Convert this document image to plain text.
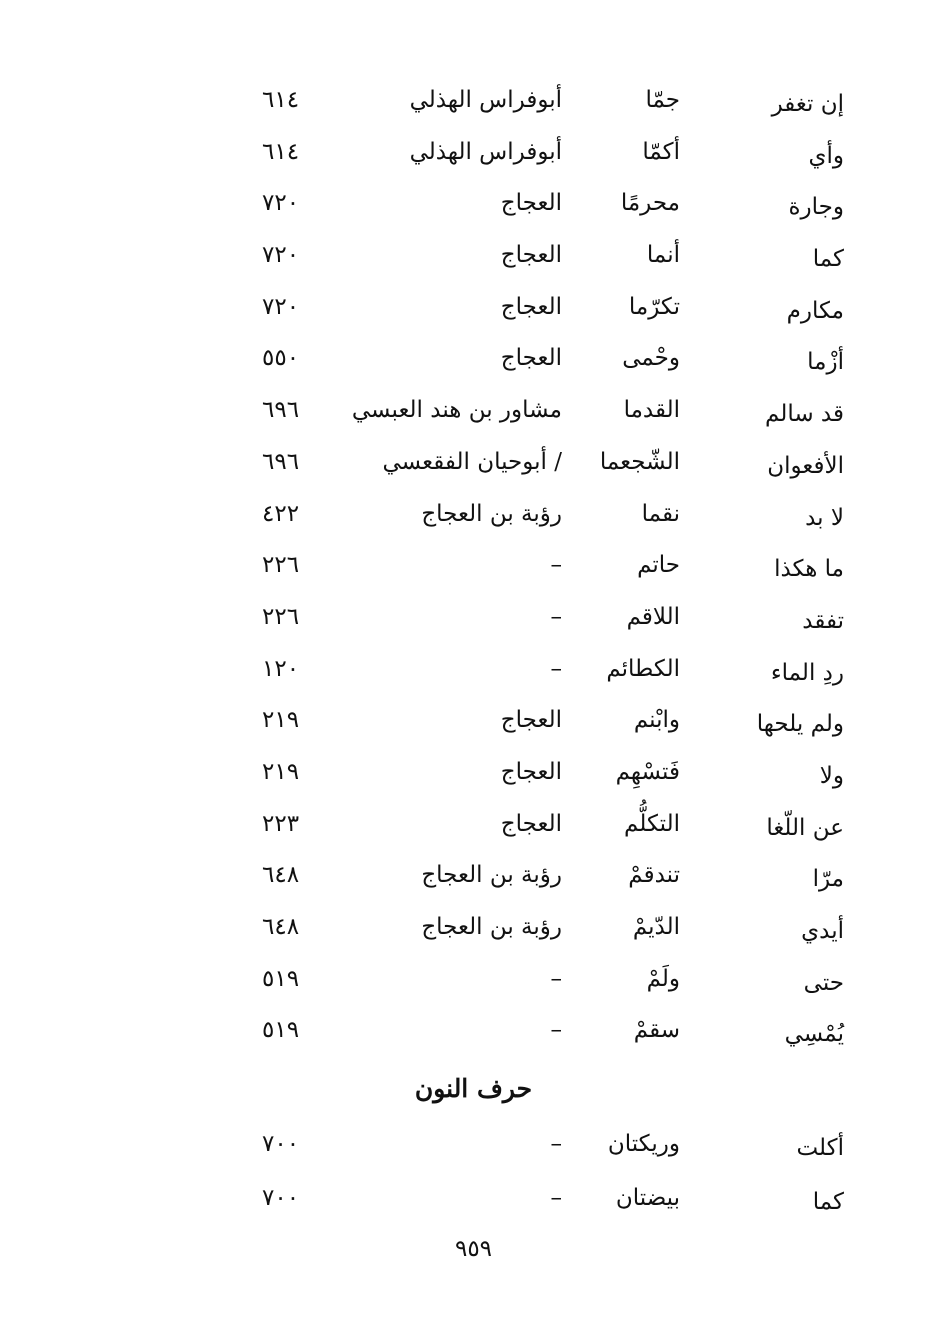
إن تغفر
جمّا
أبوفراس الهذلي
٦١٤
وأي
أكمّا
أبوفراس الهذلي
٦١٤
وجارة
محرمًا
العجاج
٧٢٠
كما
أنما
العجاج
٧٢٠
مكارم
تكرّما
العجاج
٧٢٠
أزْما
وحْمى
العجاج
٥٥٠
قد سالم
القدما
مشاور بن هند العبسي
٦٩٦
الأفعوان
الشّجعما
/ أبوحيان الفقعسي
٦٩٦
لا بد
نقما
رؤبة بن العجاج
٤٢٢
ما هكذا
حاتم
–
٢٢٦
تفقد
اللاقم
–
٢٢٦
ردِ الماء
الكطائم
–
١٢٠
ولم يلحها
وابْنم
العجاج
٢١٩
ولا
فَتسْهِم
العجاج
٢١٩
عن اللّغا
التكلُّم
العجاج
٢٢٣
مرّا
تندقمْ
رؤبة بن العجاج
٦٤٨
أيدي
الدّيمْ
رؤبة بن العجاج
٦٤٨
حتى
ولَمْ
–
٥١٩
يُمْسِي
سقمْ
–
٥١٩
حرف النون
أكلت
وريكتان
–
٧٠٠
كما
بيضتان
–
٧٠٠
٩٥٩
